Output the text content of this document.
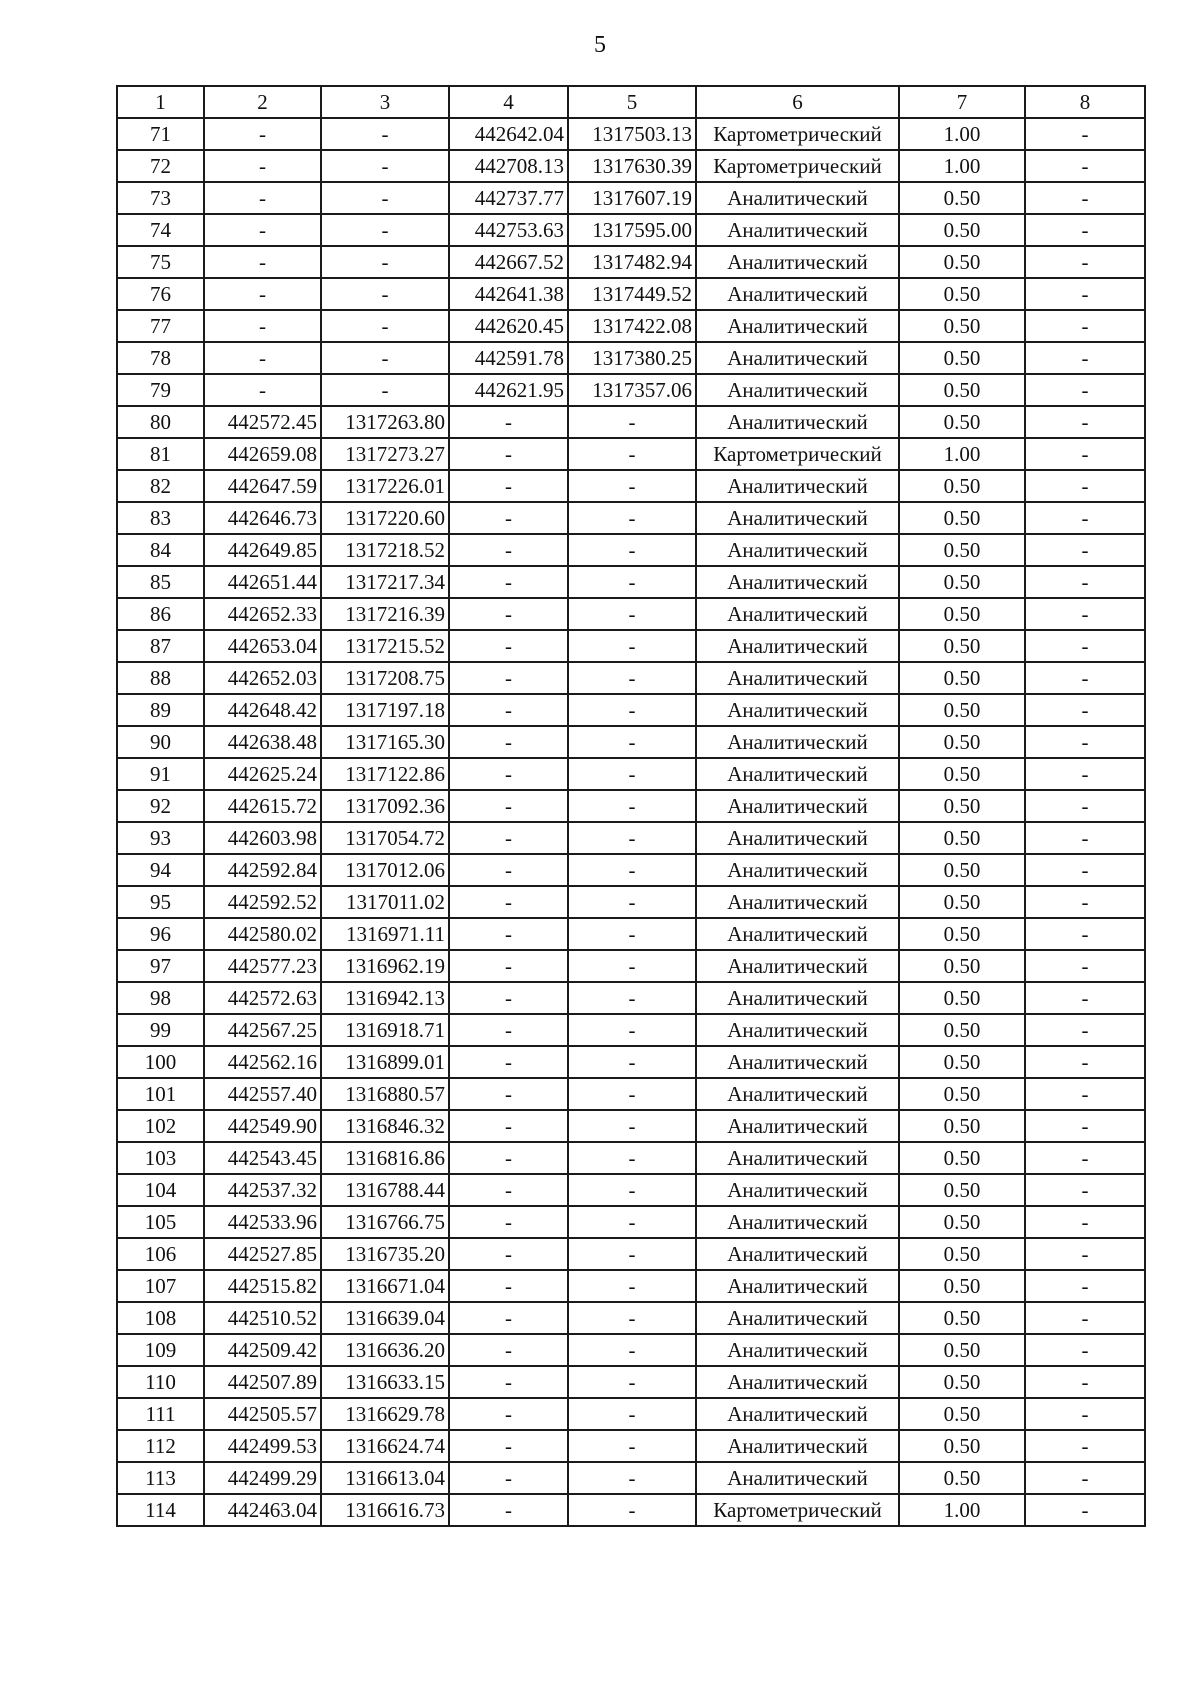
5
1	2	3	4	5	6	7	8
71	-	-	442642.04	1317503.13	Картометрический	1.00	-
72	-	-	442708.13	1317630.39	Картометрический	1.00	-
73	-	-	442737.77	1317607.19	Аналитический	0.50	-
74	-	-	442753.63	1317595.00	Аналитический	0.50	-
75	-	-	442667.52	1317482.94	Аналитический	0.50	-
76	-	-	442641.38	1317449.52	Аналитический	0.50	-
77	-	-	442620.45	1317422.08	Аналитический	0.50	-
78	-	-	442591.78	1317380.25	Аналитический	0.50	-
79	-	-	442621.95	1317357.06	Аналитический	0.50	-
80	442572.45	1317263.80	-	-	Аналитический	0.50	-
81	442659.08	1317273.27	-	-	Картометрический	1.00	-
82	442647.59	1317226.01	-	-	Аналитический	0.50	-
83	442646.73	1317220.60	-	-	Аналитический	0.50	-
84	442649.85	1317218.52	-	-	Аналитический	0.50	-
85	442651.44	1317217.34	-	-	Аналитический	0.50	-
86	442652.33	1317216.39	-	-	Аналитический	0.50	-
87	442653.04	1317215.52	-	-	Аналитический	0.50	-
88	442652.03	1317208.75	-	-	Аналитический	0.50	-
89	442648.42	1317197.18	-	-	Аналитический	0.50	-
90	442638.48	1317165.30	-	-	Аналитический	0.50	-
91	442625.24	1317122.86	-	-	Аналитический	0.50	-
92	442615.72	1317092.36	-	-	Аналитический	0.50	-
93	442603.98	1317054.72	-	-	Аналитический	0.50	-
94	442592.84	1317012.06	-	-	Аналитический	0.50	-
95	442592.52	1317011.02	-	-	Аналитический	0.50	-
96	442580.02	1316971.11	-	-	Аналитический	0.50	-
97	442577.23	1316962.19	-	-	Аналитический	0.50	-
98	442572.63	1316942.13	-	-	Аналитический	0.50	-
99	442567.25	1316918.71	-	-	Аналитический	0.50	-
100	442562.16	1316899.01	-	-	Аналитический	0.50	-
101	442557.40	1316880.57	-	-	Аналитический	0.50	-
102	442549.90	1316846.32	-	-	Аналитический	0.50	-
103	442543.45	1316816.86	-	-	Аналитический	0.50	-
104	442537.32	1316788.44	-	-	Аналитический	0.50	-
105	442533.96	1316766.75	-	-	Аналитический	0.50	-
106	442527.85	1316735.20	-	-	Аналитический	0.50	-
107	442515.82	1316671.04	-	-	Аналитический	0.50	-
108	442510.52	1316639.04	-	-	Аналитический	0.50	-
109	442509.42	1316636.20	-	-	Аналитический	0.50	-
110	442507.89	1316633.15	-	-	Аналитический	0.50	-
111	442505.57	1316629.78	-	-	Аналитический	0.50	-
112	442499.53	1316624.74	-	-	Аналитический	0.50	-
113	442499.29	1316613.04	-	-	Аналитический	0.50	-
114	442463.04	1316616.73	-	-	Картометрический	1.00	-
